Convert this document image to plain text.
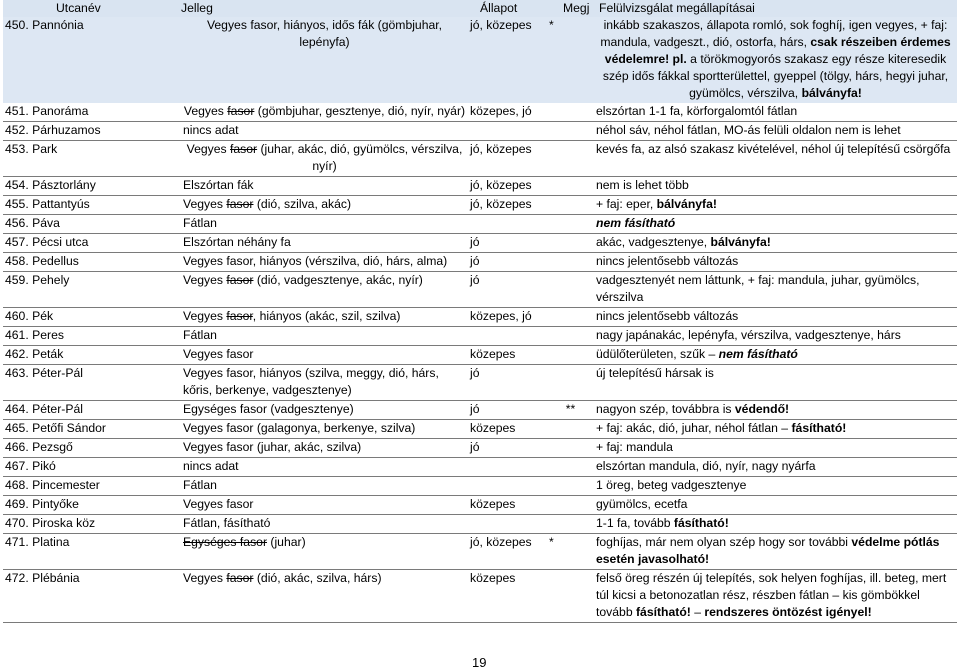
Utcanév	Jelleg	Állapot	Megj	Felülvizsgálat megállapításai
450. Pannónia	Vegyes fasor, hiányos, idős fák (gömbjuhar, lepényfa)	jó, közepes	*	inkább szakaszos, állapota romló, sok foghíj, igen vegyes, + faj: mandula, vadgeszt., dió, ostorfa, hárs, csak részeiben érdemes védelemre! pl. a törökmogyorós szakasz egy része kiteresedik szép idős fákkal sportterülettel, gyeppel (tölgy, hárs, hegyi juhar, gyümölcs, vérszilva, bálványfa!
451. Panoráma	Vegyes fasor (gömbjuhar, gesztenye, dió, nyír, nyár)	közepes, jó		elszórtan 1-1 fa, körforgalomtól fátlan
452. Párhuzamos	nincs adat			néhol sáv, néhol fátlan, MO-ás felüli oldalon nem is lehet
453. Park	Vegyes fasor (juhar, akác, dió, gyümölcs, vérszilva, nyír)	jó, közepes		kevés fa, az alsó szakasz kivételével, néhol új telepítésű csörgőfa
454. Pásztorlány	Elszórtan fák	jó, közepes		nem is lehet több
455. Pattantyús	Vegyes fasor (dió, szilva, akác)	jó, közepes		+ faj: eper, bálványfa!
456. Páva	Fátlan			nem fásítható
457. Pécsi utca	Elszórtan néhány fa	jó		akác, vadgesztenye, bálványfa!
458. Pedellus	Vegyes fasor, hiányos (vérszilva, dió, hárs, alma)	jó		nincs jelentősebb változás
459. Pehely	Vegyes fasor (dió, vadgesztenye, akác, nyír)	jó		vadgesztenyét nem láttunk, + faj: mandula, juhar, gyümölcs, vérszilva
460. Pék	Vegyes fasor, hiányos (akác, szil, szilva)	közepes, jó		nincs jelentősebb változás
461. Peres	Fátlan			nagy japánakác, lepényfa, vérszilva, vadgesztenye, hárs
462. Peták	Vegyes fasor	közepes		üdülőterületen, szűk – nem fásítható
463. Péter-Pál	Vegyes fasor, hiányos (szilva, meggy, dió, hárs, kőris, berkenye, vadgesztenye)	jó		új telepítésű hársak is
464. Péter-Pál	Egységes fasor (vadgesztenye)	jó	**	nagyon szép, továbbra is védendő!
465. Petőfi Sándor	Vegyes fasor (galagonya, berkenye, szilva)	közepes		+ faj: akác, dió, juhar, néhol fátlan – fásítható!
466. Pezsgő	Vegyes fasor (juhar, akác, szilva)	jó		+ faj: mandula
467. Pikó	nincs adat			elszórtan mandula, dió, nyír, nagy nyárfa
468. Pincemester	Fátlan			1 öreg, beteg vadgesztenye
469. Pintyőke	Vegyes fasor	közepes		gyümölcs, ecetfa
470. Piroska köz	Fátlan, fásítható			1-1 fa, tovább fásítható!
471. Platina	Egységes fasor (juhar)	jó, közepes	*	foghíjas, már nem olyan szép hogy sor további védelme pótlás esetén javasolható!
472. Plébánia	Vegyes fasor (dió, akác, szilva, hárs)	közepes		felső öreg részén új telepítés, sok helyen foghíjas, ill. beteg, mert túl kicsi a betonozatlan rész, részben fátlan – kis gömbökkel tovább fásítható! – rendszeres öntözést igényel!
19
